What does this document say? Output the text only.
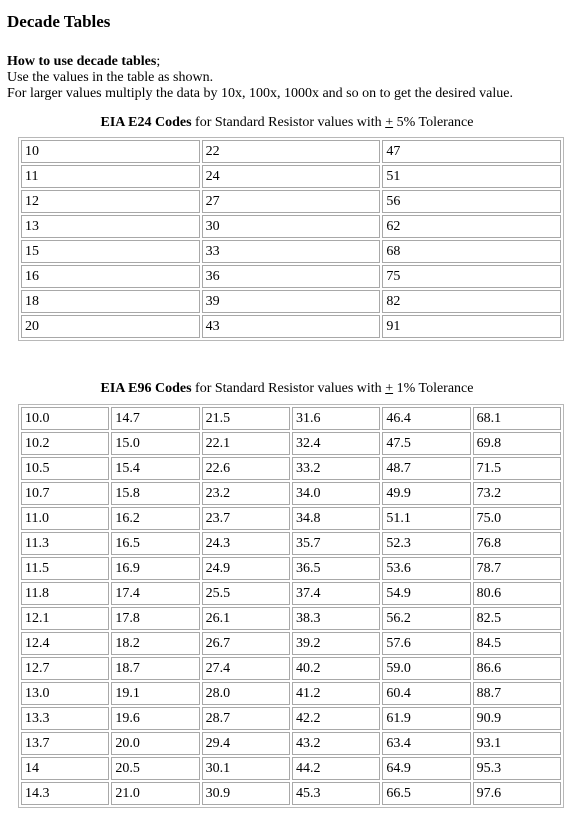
Decade Tables
How to use decade tables;
Use the values in the table as shown.
For larger values multiply the data by 10x, 100x, 1000x and so on to get the desired value.
EIA E24 Codes for Standard Resistor values with + 5% Tolerance
10	22	47
11	24	51
12	27	56
13	30	62
15	33	68
16	36	75
18	39	82
20	43	91
EIA E96 Codes for Standard Resistor values with + 1% Tolerance
10.0	14.7	21.5	31.6	46.4	68.1
10.2	15.0	22.1	32.4	47.5	69.8
10.5	15.4	22.6	33.2	48.7	71.5
10.7	15.8	23.2	34.0	49.9	73.2
11.0	16.2	23.7	34.8	51.1	75.0
11.3	16.5	24.3	35.7	52.3	76.8
11.5	16.9	24.9	36.5	53.6	78.7
11.8	17.4	25.5	37.4	54.9	80.6
12.1	17.8	26.1	38.3	56.2	82.5
12.4	18.2	26.7	39.2	57.6	84.5
12.7	18.7	27.4	40.2	59.0	86.6
13.0	19.1	28.0	41.2	60.4	88.7
13.3	19.6	28.7	42.2	61.9	90.9
13.7	20.0	29.4	43.2	63.4	93.1
14	20.5	30.1	44.2	64.9	95.3
14.3	21.0	30.9	45.3	66.5	97.6
